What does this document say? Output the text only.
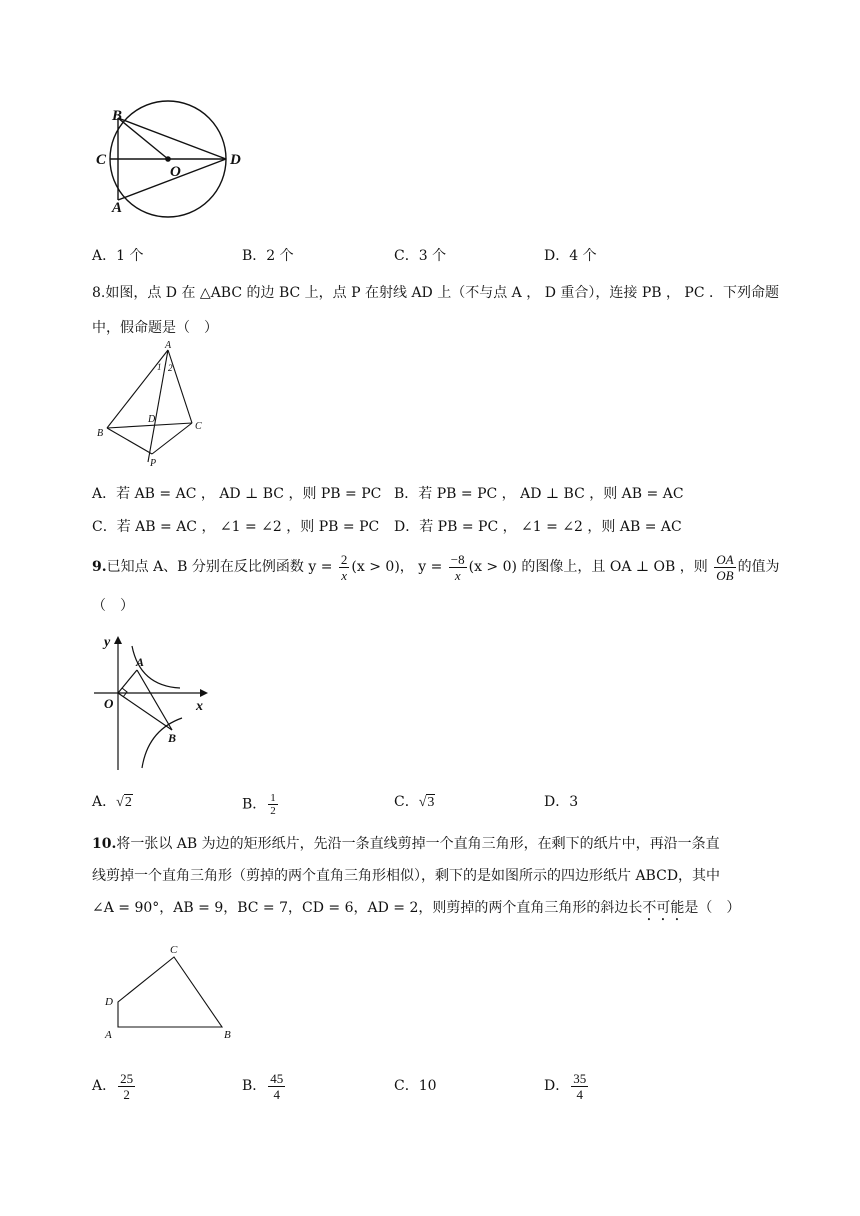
B
C
O
D
A
A．1 个	B．2 个	C．3 个	D．4 个
8.如图，点 D 在 △ABC 的边 BC 上，点 P 在射线 AD 上（不与点 A ， D 重合），连接 PB ， PC ．下列命题
中，假命题是（　）
A
1 2
D
B
C
P
A．若 AB = AC ， AD ⊥ BC ，则 PB = PC B．若 PB = PC ， AD ⊥ BC ，则 AB = AC
C．若 AB = AC ， ∠1 = ∠2 ，则 PB = PC D．若 PB = PC ， ∠1 = ∠2 ，则 AB = AC
9.已知点 A、B 分别在反比例函数 $y = \frac{2}{x} (x > 0)$， $y = \frac{-8}{x} (x > 0)$ 的图像上，且 OA ⊥ OB ，则 $\frac{OA}{OB}$ 的值为
（　）
y
A
O	x
B
A．√2	B． $\frac{1}{2}$	C．√3	D．3
10.将一张以 AB 为边的矩形纸片，先沿一条直线剪掉一个直角三角形，在剩下的纸片中，再沿一条直
线剪掉一个直角三角形（剪掉的两个直角三角形相似），剩下的是如图所示的四边形纸片 ABCD，其中
∠A = 90°，AB = 9，BC = 7，CD = 6，AD = 2，则剪掉的两个直角三角形的斜边长不可能是（　）
C
D
A	B
A． $\frac{25}{2}$	B． $\frac{45}{4}$	C．10	D． $\frac{35}{4}$
